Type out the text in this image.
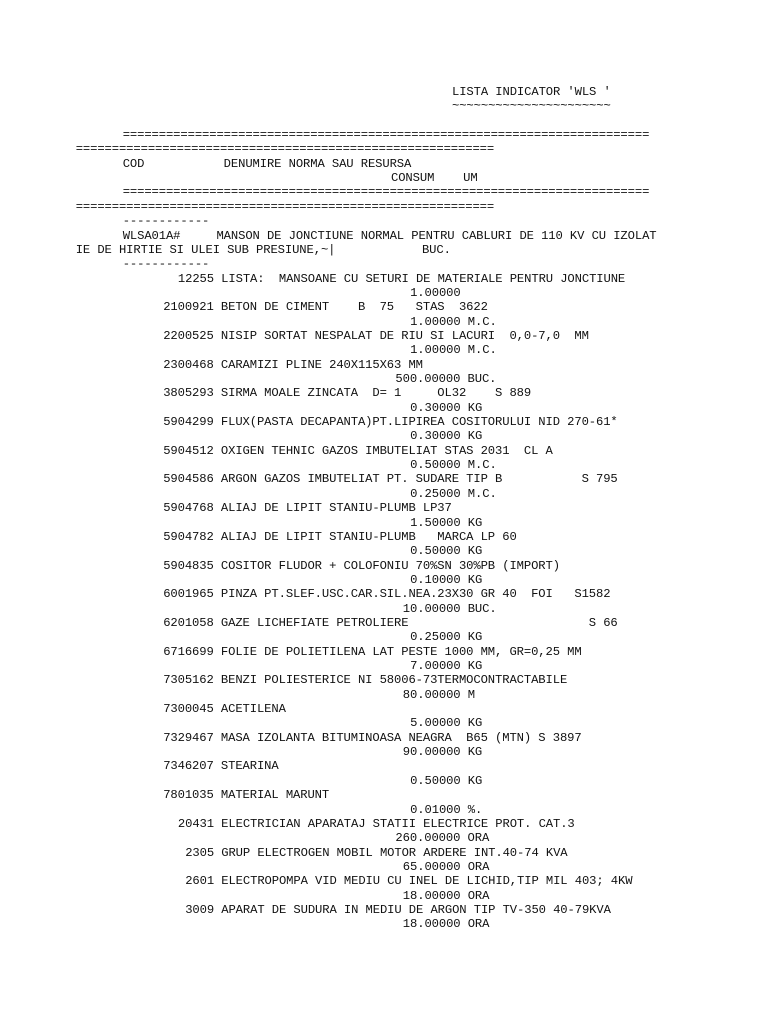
LISTA INDICATOR 'WLS '
~~~~~~~~~~~~~~~~~~~~~~
=========================================================================
==========================================================
COD           DENUMIRE NORMA SAU RESURSA
CONSUM    UM
=========================================================================
==========================================================
------------
WLSA01A#     MANSON DE JONCTIUNE NORMAL PENTRU CABLURI DE 110 KV CU IZOLAT
IE DE HIRTIE SI ULEI SUB PRESIUNE,~|            BUC.
------------
12255 LISTA:  MANSOANE CU SETURI DE MATERIALE PENTRU JONCTIUNE
1.00000
2100921 BETON DE CIMENT    B  75   STAS  3622
1.00000 M.C.
2200525 NISIP SORTAT NESPALAT DE RIU SI LACURI  0,0-7,0  MM
1.00000 M.C.
2300468 CARAMIZI PLINE 240X115X63 MM
500.00000 BUC.
3805293 SIRMA MOALE ZINCATA  D= 1     OL32    S 889
0.30000 KG
5904299 FLUX(PASTA DECAPANTA)PT.LIPIREA COSITORULUI NID 270-61*
0.30000 KG
5904512 OXIGEN TEHNIC GAZOS IMBUTELIAT STAS 2031  CL A
0.50000 M.C.
5904586 ARGON GAZOS IMBUTELIAT PT. SUDARE TIP B           S 795
0.25000 M.C.
5904768 ALIAJ DE LIPIT STANIU-PLUMB LP37
1.50000 KG
5904782 ALIAJ DE LIPIT STANIU-PLUMB   MARCA LP 60
0.50000 KG
5904835 COSITOR FLUDOR + COLOFONIU 70%SN 30%PB (IMPORT)
0.10000 KG
6001965 PINZA PT.SLEF.USC.CAR.SIL.NEA.23X30 GR 40  FOI   S1582
10.00000 BUC.
6201058 GAZE LICHEFIATE PETROLIERE                         S 66
0.25000 KG
6716699 FOLIE DE POLIETILENA LAT PESTE 1000 MM, GR=0,25 MM
7.00000 KG
7305162 BENZI POLIESTERICE NI 58006-73TERMOCONTRACTABILE
80.00000 M
7300045 ACETILENA
5.00000 KG
7329467 MASA IZOLANTA BITUMINOASA NEAGRA  B65 (MTN) S 3897
90.00000 KG
7346207 STEARINA
0.50000 KG
7801035 MATERIAL MARUNT
0.01000 %.
20431 ELECTRICIAN APARATAJ STATII ELECTRICE PROT. CAT.3
260.00000 ORA
2305 GRUP ELECTROGEN MOBIL MOTOR ARDERE INT.40-74 KVA
65.00000 ORA
2601 ELECTROPOMPA VID MEDIU CU INEL DE LICHID,TIP MIL 403; 4KW
18.00000 ORA
3009 APARAT DE SUDURA IN MEDIU DE ARGON TIP TV-350 40-79KVA
18.00000 ORA
